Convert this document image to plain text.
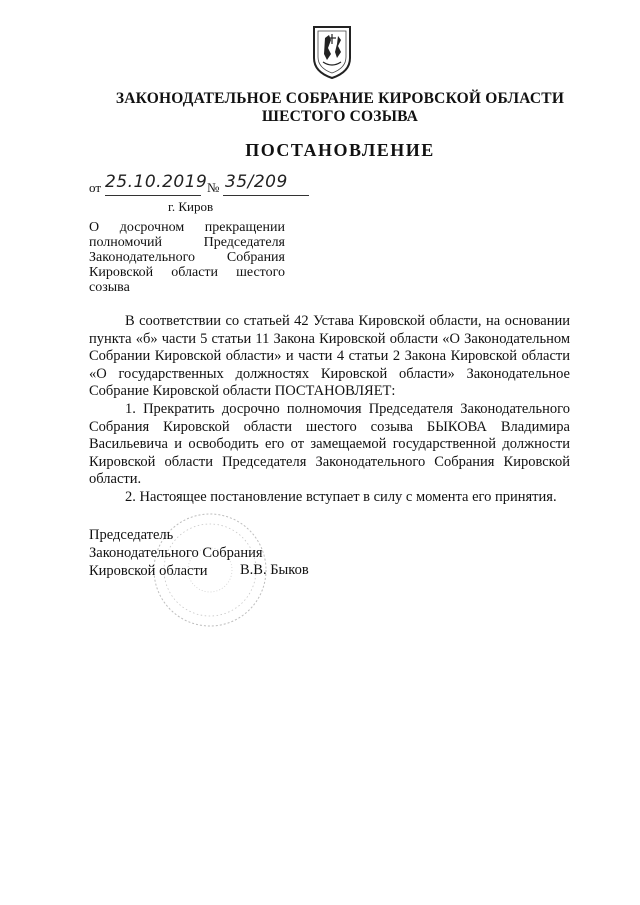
ЗАКОНОДАТЕЛЬНОЕ СОБРАНИЕ КИРОВСКОЙ ОБЛАСТИ
ШЕСТОГО СОЗЫВА
ПОСТАНОВЛЕНИЕ
от 25.10.2019 № 35/209
г. Киров
О досрочном прекращении
полномочий Председателя
Законодательного Собрания
Кировской области шестого
созыва

В соответствии со статьей 42 Устава Кировской области, на основании пункта «б» части 5 статьи 11 Закона Кировской области «О Законодательном Собрании Кировской области» и части 4 статьи 2 Закона Кировской области «О государственных должностях Кировской области» Законодательное Собрание Кировской области ПОСТАНОВЛЯЕТ:

1. Прекратить досрочно полномочия Председателя Законодательного Собрания Кировской области шестого созыва БЫКОВА Владимира Васильевича и освободить его от замещаемой государственной должности Кировской области Председателя Законодательного Собрания Кировской области.

2. Настоящее постановление вступает в силу с момента его принятия.

Председатель
Законодательного Собрания
Кировской области	В.В. Быков
